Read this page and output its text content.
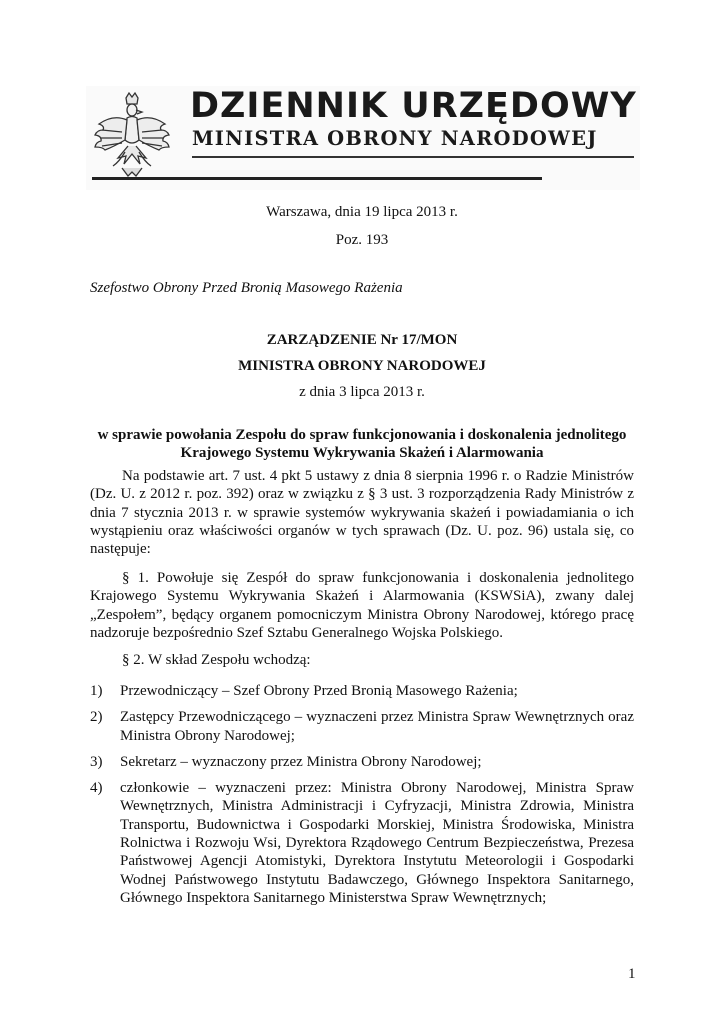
DZIENNIK URZĘDOWY
MINISTRA OBRONY NARODOWEJ
Warszawa, dnia 19 lipca 2013 r.
Poz. 193
Szefostwo Obrony Przed Bronią Masowego Rażenia
ZARZĄDZENIE Nr 17/MON
MINISTRA OBRONY NARODOWEJ
z dnia 3 lipca 2013 r.
w sprawie powołania Zespołu do spraw funkcjonowania i doskonalenia jednolitego Krajowego Systemu Wykrywania Skażeń i Alarmowania
Na podstawie art. 7 ust. 4 pkt 5 ustawy z dnia 8 sierpnia 1996 r. o Radzie Ministrów (Dz. U. z 2012 r. poz. 392) oraz w związku z § 3 ust. 3 rozporządzenia Rady Ministrów z dnia 7 stycznia 2013 r. w sprawie systemów wykrywania skażeń i powiadamiania o ich wystąpieniu oraz właściwości organów w tych sprawach (Dz. U. poz. 96) ustala się, co następuje:
§ 1. Powołuje się Zespół do spraw funkcjonowania i doskonalenia jednolitego Krajowego Systemu Wykrywania Skażeń i Alarmowania (KSWSiA), zwany dalej „Zespołem”, będący organem pomocniczym Ministra Obrony Narodowej, którego pracę nadzoruje bezpośrednio Szef Sztabu Generalnego Wojska Polskiego.
§ 2. W skład Zespołu wchodzą:
1) Przewodniczący – Szef Obrony Przed Bronią Masowego Rażenia;
2) Zastępcy Przewodniczącego – wyznaczeni przez Ministra Spraw Wewnętrznych oraz Ministra Obrony Narodowej;
3) Sekretarz – wyznaczony przez Ministra Obrony Narodowej;
4) członkowie – wyznaczeni przez: Ministra Obrony Narodowej, Ministra Spraw Wewnętrznych, Ministra Administracji i Cyfryzacji, Ministra Zdrowia, Ministra Transportu, Budownictwa i Gospodarki Morskiej, Ministra Środowiska, Ministra Rolnictwa i Rozwoju Wsi, Dyrektora Rządowego Centrum Bezpieczeństwa, Prezesa Państwowej Agencji Atomistyki, Dyrektora Instytutu Meteorologii i Gospodarki Wodnej Państwowego Instytutu Badawczego, Głównego Inspektora Sanitarnego, Głównego Inspektora Sanitarnego Ministerstwa Spraw Wewnętrznych;
1
